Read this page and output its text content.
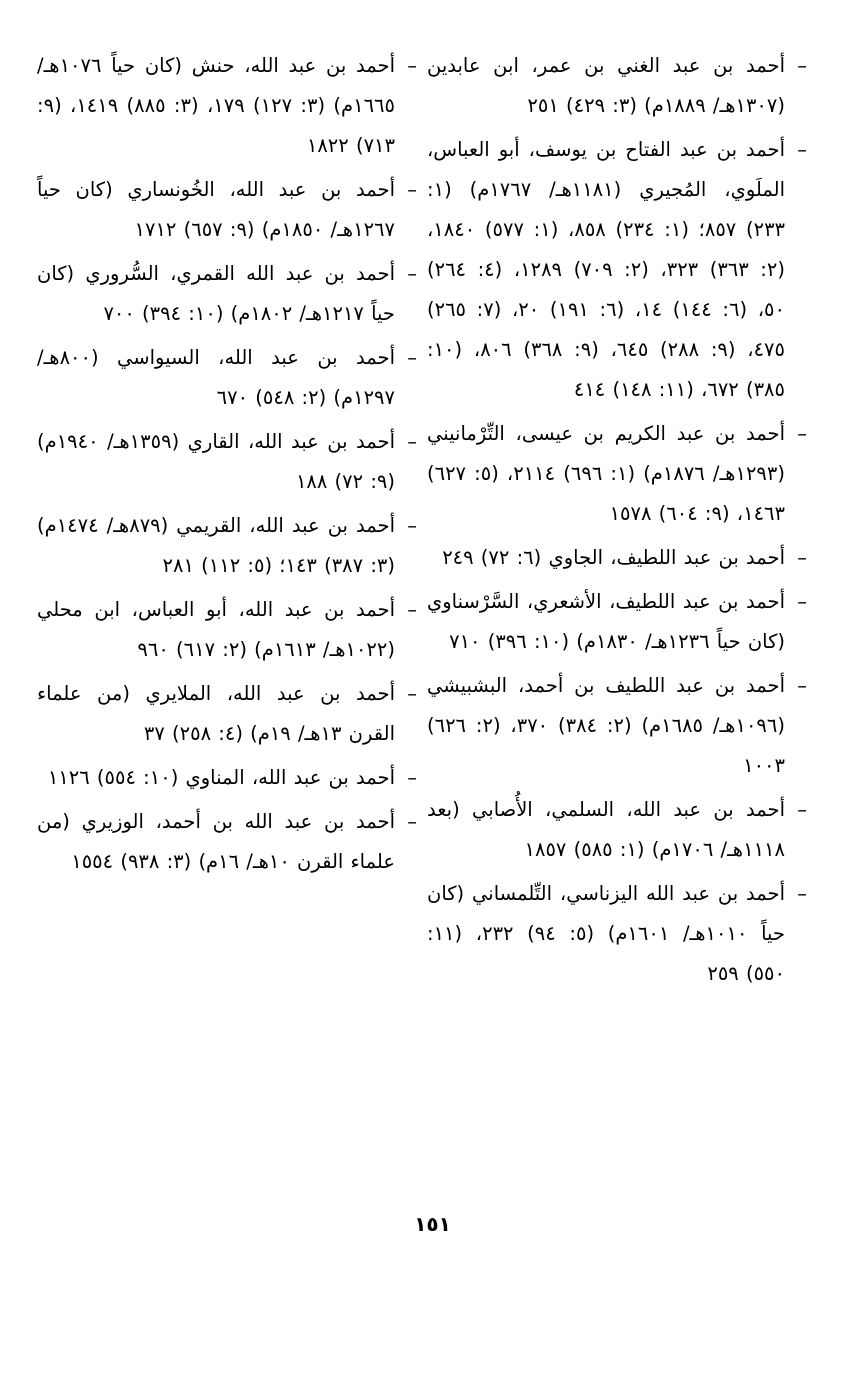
–
أحمد بن عبد الغني بن عمر، ابن عابدين (١٣٠٧هـ/ ١٨٨٩م) (٣: ٤٢٩) ٢٥١

–
أحمد بن عبد الفتاح بن يوسف، أبو العباس، الملَوي، المُجيري (١١٨١هـ/ ١٧٦٧م) (١: ٢٣٣) ٨٥٧؛ (١: ٢٣٤) ٨٥٨، (١: ٥٧٧) ١٨٤٠، (٢: ٣٦٣) ٣٢٣، (٢: ٧٠٩) ١٢٨٩، (٤: ٢٦٤) ٥٠، (٦: ١٤٤) ١٤، (٦: ١٩١) ٢٠، (٧: ٢٦٥) ٤٧٥، (٩: ٢٨٨) ٦٤٥، (٩: ٣٦٨) ٨٠٦، (١٠: ٣٨٥) ٦٧٢، (١١: ١٤٨) ٤١٤

–
أحمد بن عبد الكريم بن عيسى، التِّرْمانيني (١٢٩٣هـ/ ١٨٧٦م) (١: ٦٩٦) ٢١١٤، (٥: ٦٢٧) ١٤٦٣، (٩: ٦٠٤) ١٥٧٨

–
أحمد بن عبد اللطيف، الجاوي (٦: ٧٢) ٢٤٩

–
أحمد بن عبد اللطيف، الأشعري، السَّرْسناوي (كان حياً ١٢٣٦هـ/ ١٨٣٠م) (١٠: ٣٩٦) ٧١٠

–
أحمد بن عبد اللطيف بن أحمد، البشبيشي (١٠٩٦هـ/ ١٦٨٥م) (٢: ٣٨٤) ٣٧٠، (٢: ٦٢٦) ١٠٠٣

–
أحمد بن عبد الله، السلمي، الأُصابي (بعد ١١١٨هـ/ ١٧٠٦م) (١: ٥٨٥) ١٨٥٧

–
أحمد بن عبد الله اليزناسي، التِّلمساني (كان حياً ١٠١٠هـ/ ١٦٠١م) (٥: ٩٤) ٢٣٢، (١١: ٥٥٠) ٢٥٩

–
أحمد بن عبد الله، حنش (كان حياً ١٠٧٦هـ/ ١٦٦٥م) (٣: ١٢٧) ١٧٩، (٣: ٨٨٥) ١٤١٩، (٩: ٧١٣) ١٨٢٢

–
أحمد بن عبد الله، الخُونساري (كان حياً ١٢٦٧هـ/ ١٨٥٠م) (٩: ٦٥٧) ١٧١٢

–
أحمد بن عبد الله القمري، السُّروري (كان حياً ١٢١٧هـ/ ١٨٠٢م) (١٠: ٣٩٤) ٧٠٠

–
أحمد بن عبد الله، السيواسي (٨٠٠هـ/ ١٢٩٧م) (٢: ٥٤٨) ٦٧٠

–
أحمد بن عبد الله، القاري (١٣٥٩هـ/ ١٩٤٠م) (٩: ٧٢) ١٨٨

–
أحمد بن عبد الله، القريمي (٨٧٩هـ/ ١٤٧٤م) (٣: ٣٨٧) ١٤٣؛ (٥: ١١٢) ٢٨١

–
أحمد بن عبد الله، أبو العباس، ابن محلي (١٠٢٢هـ/ ١٦١٣م) (٢: ٦١٧) ٩٦٠

–
أحمد بن عبد الله، الملايري (من علماء القرن ١٣هـ/ ١٩م) (٤: ٢٥٨) ٣٧

–
أحمد بن عبد الله، المناوي (١٠: ٥٥٤) ١١٢٦

–
أحمد بن عبد الله بن أحمد، الوزيري (من علماء القرن ١٠هـ/ ١٦م) (٣: ٩٣٨) ١٥٥٤

١٥١
